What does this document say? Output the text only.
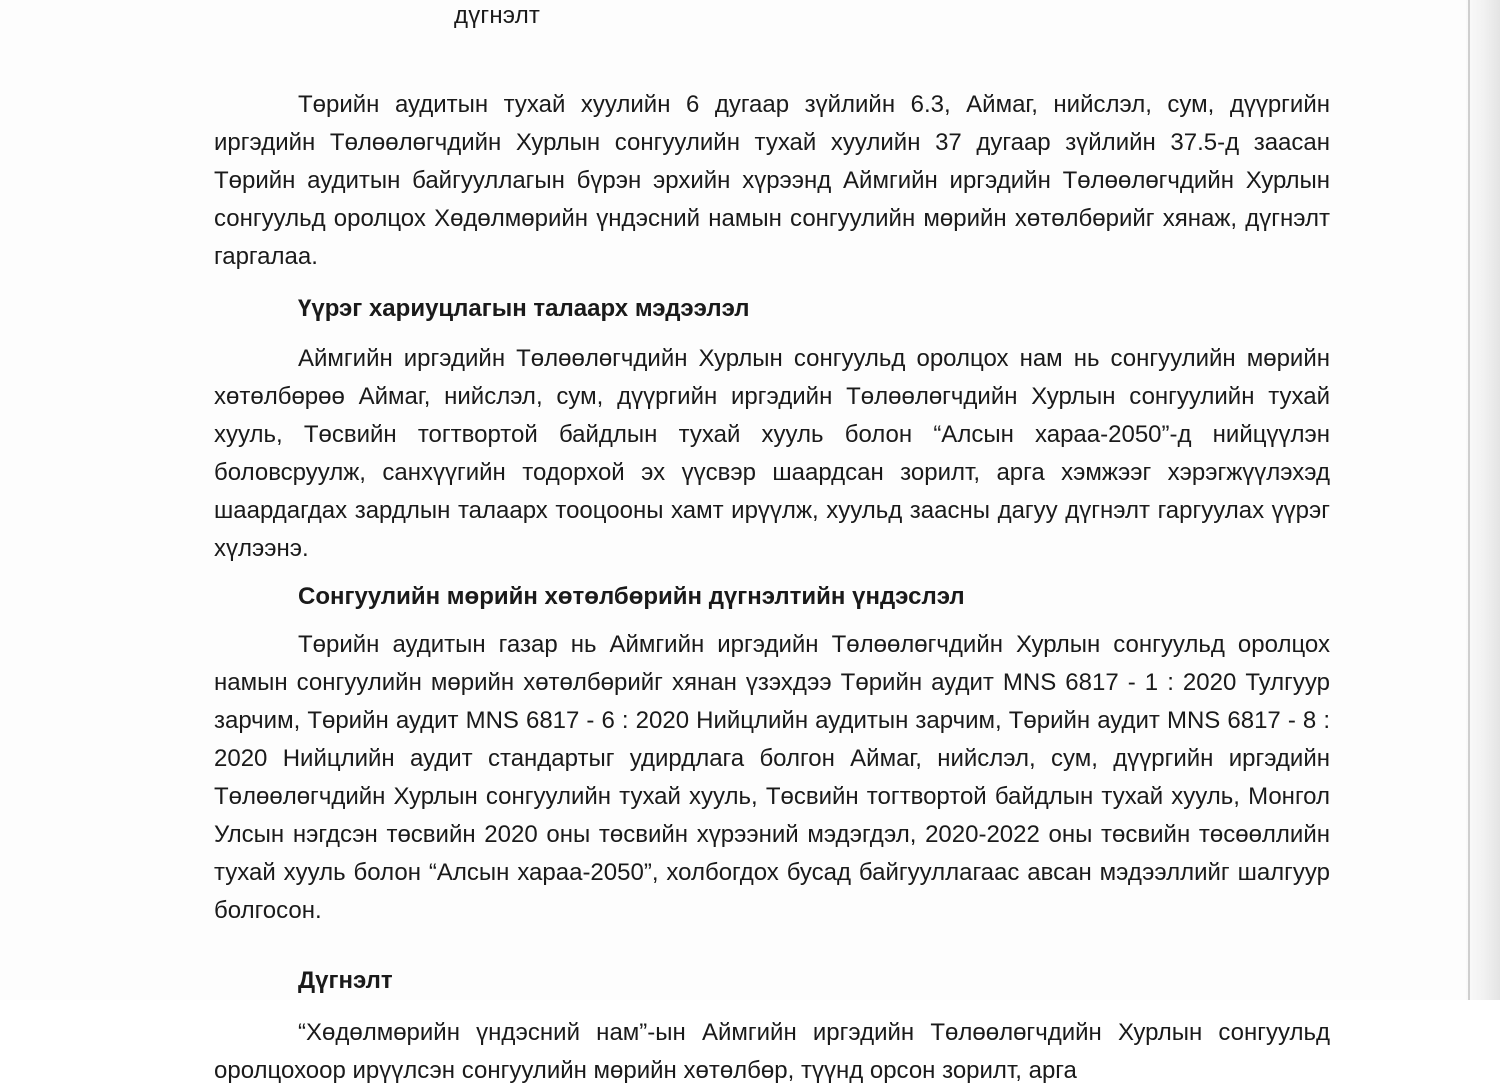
дүгнэлт

Төрийн аудитын тухай хуулийн 6 дугаар зүйлийн 6.3, Аймаг, нийслэл, сум, дүүргийн иргэдийн Төлөөлөгчдийн Хурлын сонгуулийн тухай хуулийн 37 дугаар зүйлийн 37.5-д заасан Төрийн аудитын байгууллагын бүрэн эрхийн хүрээнд Аймгийн иргэдийн Төлөөлөгчдийн Хурлын сонгуульд оролцох Хөдөлмөрийн үндэсний намын сонгуулийн мөрийн хөтөлбөрийг хянаж, дүгнэлт гаргалаа.

Үүрэг хариуцлагын талаарх мэдээлэл

Аймгийн иргэдийн Төлөөлөгчдийн Хурлын сонгуульд оролцох нам нь сонгуулийн мөрийн хөтөлбөрөө Аймаг, нийслэл, сум, дүүргийн иргэдийн Төлөөлөгчдийн Хурлын сонгуулийн тухай хууль, Төсвийн тогтвортой байдлын тухай хууль болон “Алсын хараа-2050”-д нийцүүлэн боловсруулж, санхүүгийн тодорхой эх үүсвэр шаардсан зорилт, арга хэмжээг хэрэгжүүлэхэд шаардагдах зардлын талаарх тооцооны хамт ирүүлж, хуульд заасны дагуу дүгнэлт гаргуулах үүрэг хүлээнэ.

Сонгуулийн мөрийн хөтөлбөрийн дүгнэлтийн үндэслэл

Төрийн аудитын газар нь Аймгийн иргэдийн Төлөөлөгчдийн Хурлын сонгуульд оролцох намын сонгуулийн мөрийн хөтөлбөрийг хянан үзэхдээ Төрийн аудит MNS 6817 - 1 : 2020 Тулгуур зарчим, Төрийн аудит MNS 6817 - 6 : 2020 Нийцлийн аудитын зарчим, Төрийн аудит MNS 6817 - 8 : 2020 Нийцлийн аудит стандартыг удирдлага болгон Аймаг, нийслэл, сум, дүүргийн иргэдийн Төлөөлөгчдийн Хурлын сонгуулийн тухай хууль, Төсвийн тогтвортой байдлын тухай хууль, Монгол Улсын нэгдсэн төсвийн 2020 оны төсвийн хүрээний мэдэгдэл, 2020-2022 оны төсвийн төсөөллийн тухай хууль болон “Алсын хараа-2050”, холбогдох бусад байгууллагаас авсан мэдээллийг шалгуур болгосон.

Дүгнэлт

“Хөдөлмөрийн үндэсний нам”-ын Аймгийн иргэдийн Төлөөлөгчдийн Хурлын сонгуульд оролцохоор ирүүлсэн сонгуулийн мөрийн хөтөлбөр, түүнд орсон зорилт, арга
